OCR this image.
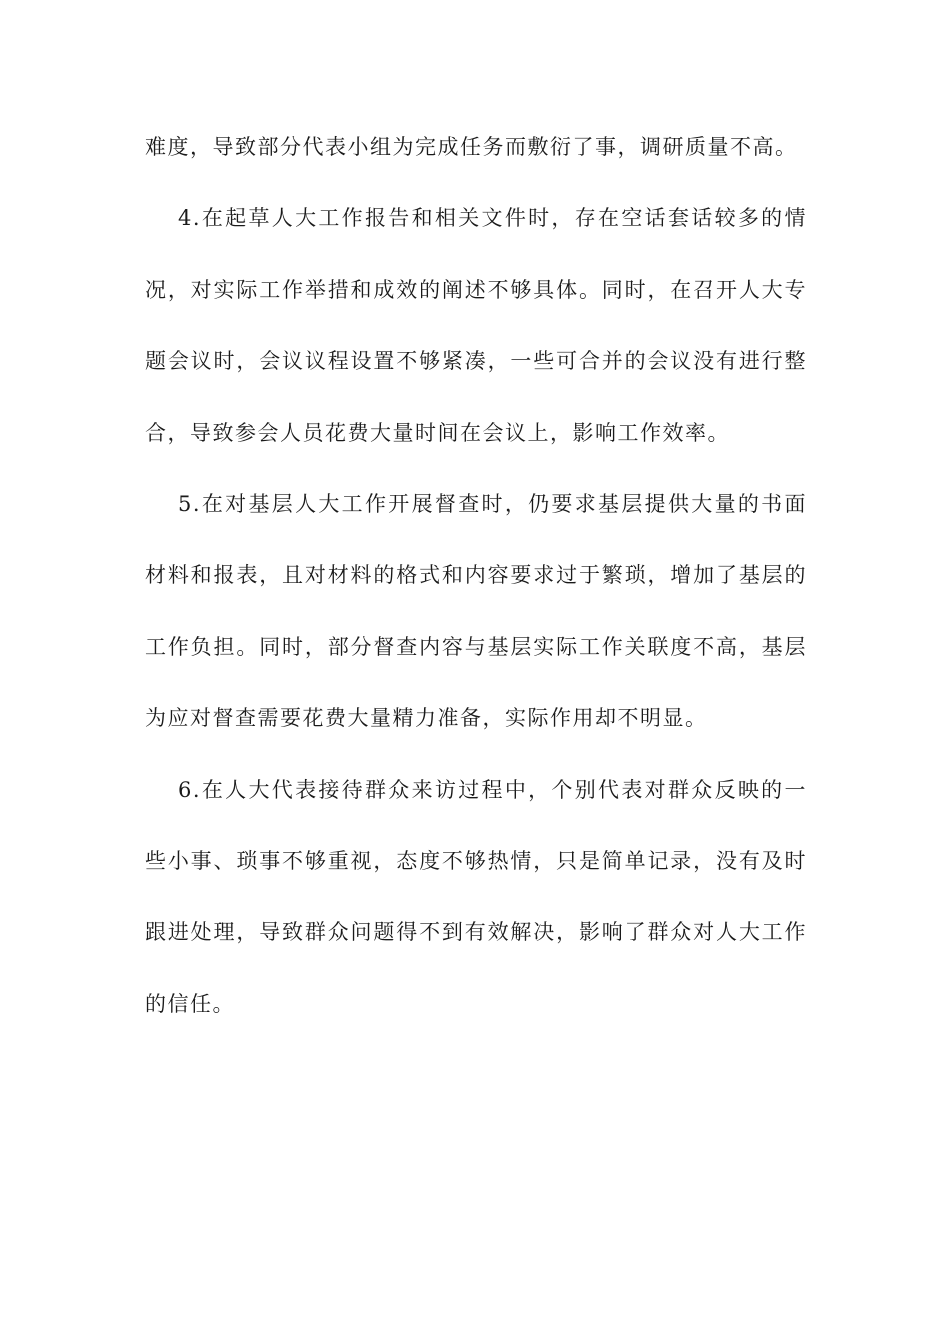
难度，导致部分代表小组为完成任务而敷衍了事，调研质量不高。

4.在起草人大工作报告和相关文件时，存在空话套话较多的情况，对实际工作举措和成效的阐述不够具体。同时，在召开人大专题会议时，会议议程设置不够紧凑，一些可合并的会议没有进行整合，导致参会人员花费大量时间在会议上，影响工作效率。

5.在对基层人大工作开展督查时，仍要求基层提供大量的书面材料和报表，且对材料的格式和内容要求过于繁琐，增加了基层的工作负担。同时，部分督查内容与基层实际工作关联度不高，基层为应对督查需要花费大量精力准备，实际作用却不明显。

6.在人大代表接待群众来访过程中，个别代表对群众反映的一些小事、琐事不够重视，态度不够热情，只是简单记录，没有及时跟进处理，导致群众问题得不到有效解决，影响了群众对人大工作的信任。
